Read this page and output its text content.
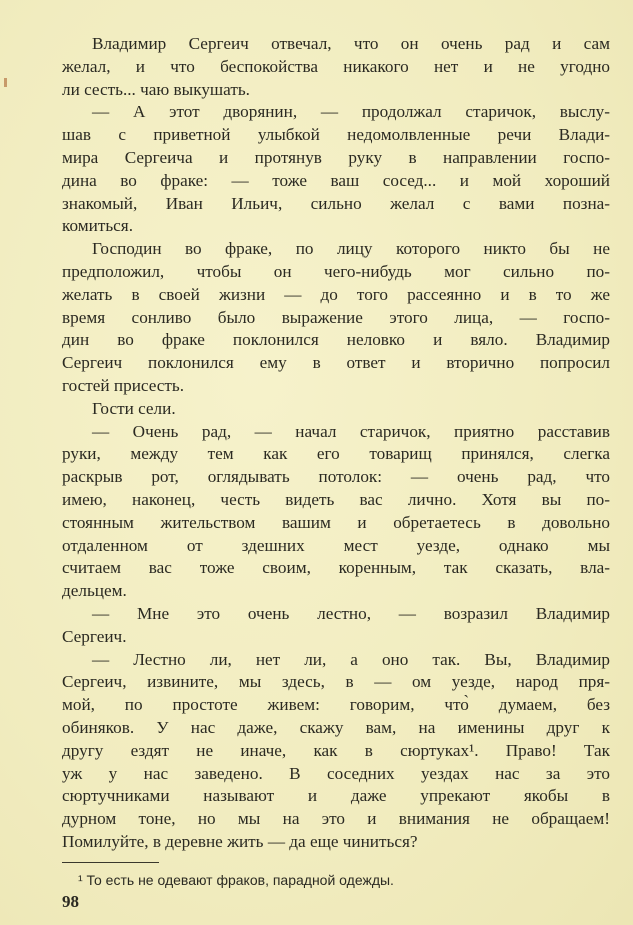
Владимир Сергеич отвечал, что он очень рад и сам
желал, и что беспокойства никакого нет и не угодно
ли сесть... чаю выкушать.
— А этот дворянин, — продолжал старичок, выслу-
шав с приветной улыбкой недомолвленные речи Влади-
мира Сергеича и протянув руку в направлении госпо-
дина во фраке: — тоже ваш сосед... и мой хороший
знакомый, Иван Ильич, сильно желал с вами позна-
комиться.
Господин во фраке, по лицу которого никто бы не
предположил, чтобы он чего-нибудь мог сильно по-
желать в своей жизни — до того рассеянно и в то же
время сонливо было выражение этого лица, — госпо-
дин во фраке поклонился неловко и вяло. Владимир
Сергеич поклонился ему в ответ и вторично попросил
гостей присесть.
Гости сели.
— Очень рад, — начал старичок, приятно расставив
руки, между тем как его товарищ принялся, слегка
раскрыв рот, оглядывать потолок: — очень рад, что
имею, наконец, честь видеть вас лично. Хотя вы по-
стоянным жительством вашим и обретаетесь в довольно
отдаленном от здешних мест уезде, однако мы
считаем вас тоже своим, коренным, так сказать, вла-
дельцем.
— Мне это очень лестно, — возразил Владимир
Сергеич.
— Лестно ли, нет ли, а оно так. Вы, Владимир
Сергеич, извините, мы здесь, в — ом уезде, народ пря-
мой, по простоте живем: говорим, что̀ думаем, без
обиняков. У нас даже, скажу вам, на именины друг к
другу ездят не иначе, как в сюртуках¹. Право! Так
уж у нас заведено. В соседних уездах нас за это
сюртучниками называют и даже упрекают якобы в
дурном тоне, но мы на это и внимания не обращаем!
Помилуйте, в деревне жить — да еще чиниться?
¹ То есть не одевают фраков, парадной одежды.
98
